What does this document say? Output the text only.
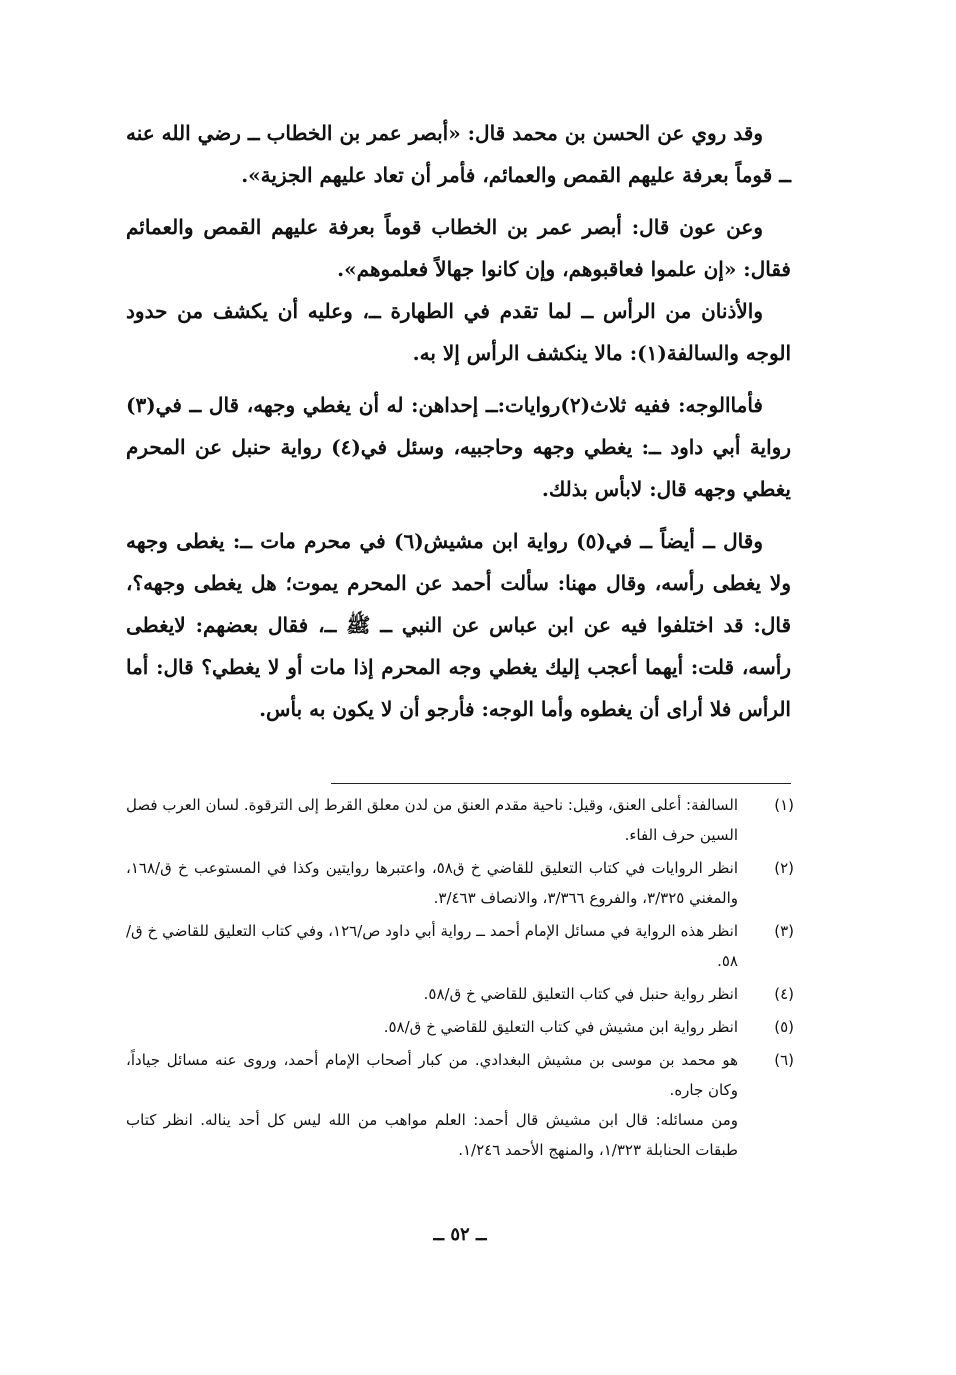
وقد روي عن الحسن بن محمد قال: «أبصر عمر بن الخطاب ــ رضي الله عنه ــ قوماً بعرفة عليهم القمص والعمائم، فأمر أن تعاد عليهم الجزية».

وعن عون قال: أبصر عمر بن الخطاب قوماً بعرفة عليهم القمص والعمائم فقال: «إن علموا فعاقبوهم، وإن كانوا جهالاً فعلموهم».

والأذنان من الرأس ــ لما تقدم في الطهارة ــ، وعليه أن يكشف من حدود الوجه والسالفة(١): مالا ينكشف الرأس إلا به.

فأماالوجه: ففيه ثلاث(٢)روايات:ــ إحداهن: له أن يغطي وجهه، قال ــ في(٣) رواية أبي داود ــ: يغطي وجهه وحاجبيه، وسئل في(٤) رواية حنبل عن المحرم يغطي وجهه قال: لابأس بذلك.

وقال ــ أيضاً ــ في(٥) رواية ابن مشيش(٦) في محرم مات ــ: يغطى وجهه ولا يغطى رأسه، وقال مهنا: سألت أحمد عن المحرم يموت؛ هل يغطى وجهه؟، قال: قد اختلفوا فيه عن ابن عباس عن النبي ــ ﷺ ــ، فقال بعضهم: لايغطى رأسه، قلت: أيهما أعجب إليك يغطي وجه المحرم إذا مات أو لا يغطي؟ قال: أما الرأس فلا أراى أن يغطوه وأما الوجه: فأرجو أن لا يكون به بأس.

(١)
السالفة: أعلى العنق، وقيل: ناحية مقدم العنق من لدن معلق القرط إلى الترقوة. لسان العرب فصل السين حرف الفاء.
(٢)
انظر الروايات في كتاب التعليق للقاضي خ ق٥٨، واعتبرها روايتين وكذا في المستوعب خ ق/١٦٨، والمغني ٣/٣٢٥، والفروع ٣/٣٦٦، والانصاف ٣/٤٦٣.
(٣)
انظر هذه الرواية في مسائل الإمام أحمد ــ رواية أبي داود ص/١٢٦، وفي كتاب التعليق للقاضي خ ق/٥٨.
(٤)
انظر رواية حنبل في كتاب التعليق للقاضي خ ق/٥٨.
(٥)
انظر رواية ابن مشيش في كتاب التعليق للقاضي خ ق/٥٨.
(٦)
هو محمد بن موسى بن مشيش البغدادي. من كبار أصحاب الإمام أحمد، وروى عنه مسائل جياداً، وكان جاره.
ومن مسائله: قال ابن مشيش قال أحمد: العلم مواهب من الله ليس كل أحد يناله. انظر كتاب طبقات الحنابلة ١/٣٢٣، والمنهج الأحمد ١/٢٤٦.
ــ ٥٢ ــ
